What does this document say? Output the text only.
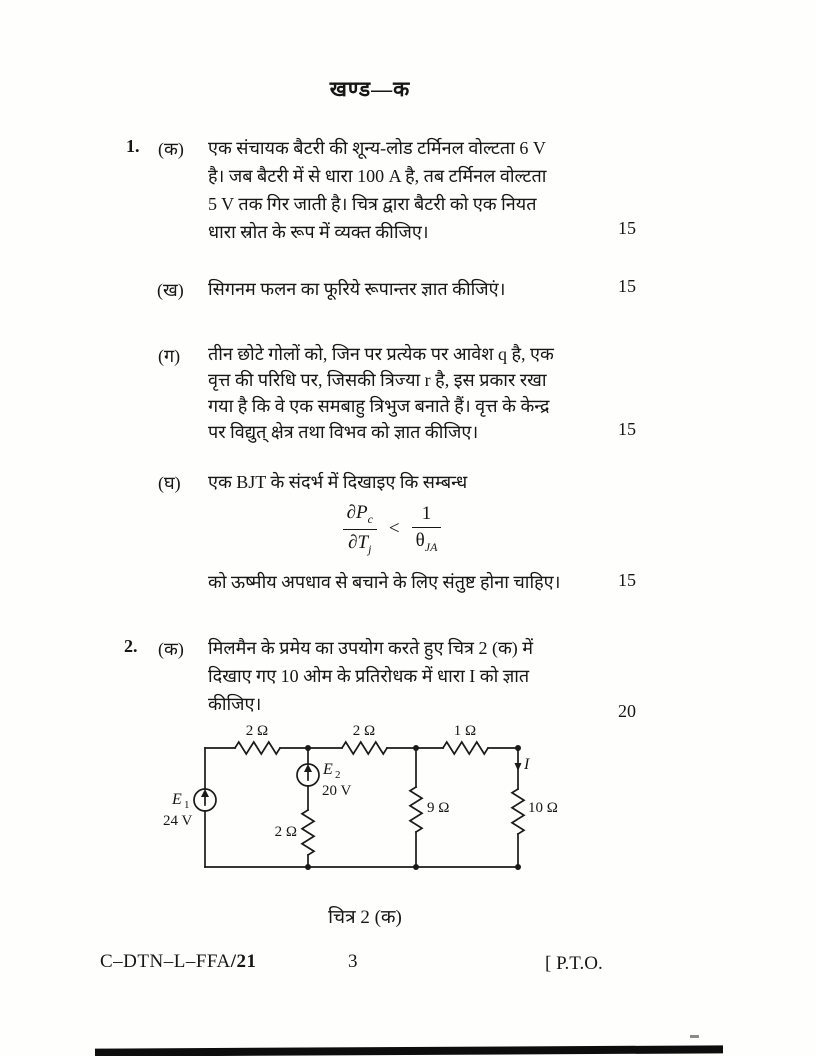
खण्ड—क
1. (क) एक संचायक बैटरी की शून्य-लोड टर्मिनल वोल्टता 6 V
है। जब बैटरी में से धारा 100 A है, तब टर्मिनल वोल्टता
5 V तक गिर जाती है। चित्र द्वारा बैटरी को एक नियत
धारा स्रोत के रूप में व्यक्त कीजिए।	15
(ख) सिगनम फलन का फूरिये रूपान्तर ज्ञात कीजिएं।	15
(ग) तीन छोटे गोलों को, जिन पर प्रत्येक पर आवेश q है, एक
वृत्त की परिधि पर, जिसकी त्रिज्या r है, इस प्रकार रखा
गया है कि वे एक समबाहु त्रिभुज बनाते हैं। वृत्त के केन्द्र
पर विद्युत् क्षेत्र तथा विभव को ज्ञात कीजिए।	15
(घ) एक BJT के संदर्भ में दिखाइए कि सम्बन्ध
$\frac{\partial P_c}{\partial T_j} < \frac{1}{\theta_{JA}}$
को ऊष्मीय अपधाव से बचाने के लिए संतुष्ट होना चाहिए।	15
2. (क) मिलमैन के प्रमेय का उपयोग करते हुए चित्र 2 (क) में
दिखाए गए 10 ओम के प्रतिरोधक में धारा I को ज्ञात
कीजिए।	20
2 Ω	2 Ω	1 Ω
E 1
24 V
E 2
20 V
2 Ω
9 Ω	10 Ω
I
चित्र 2 (क)
C–DTN–L–FFA/21	3	[ P.T.O.
